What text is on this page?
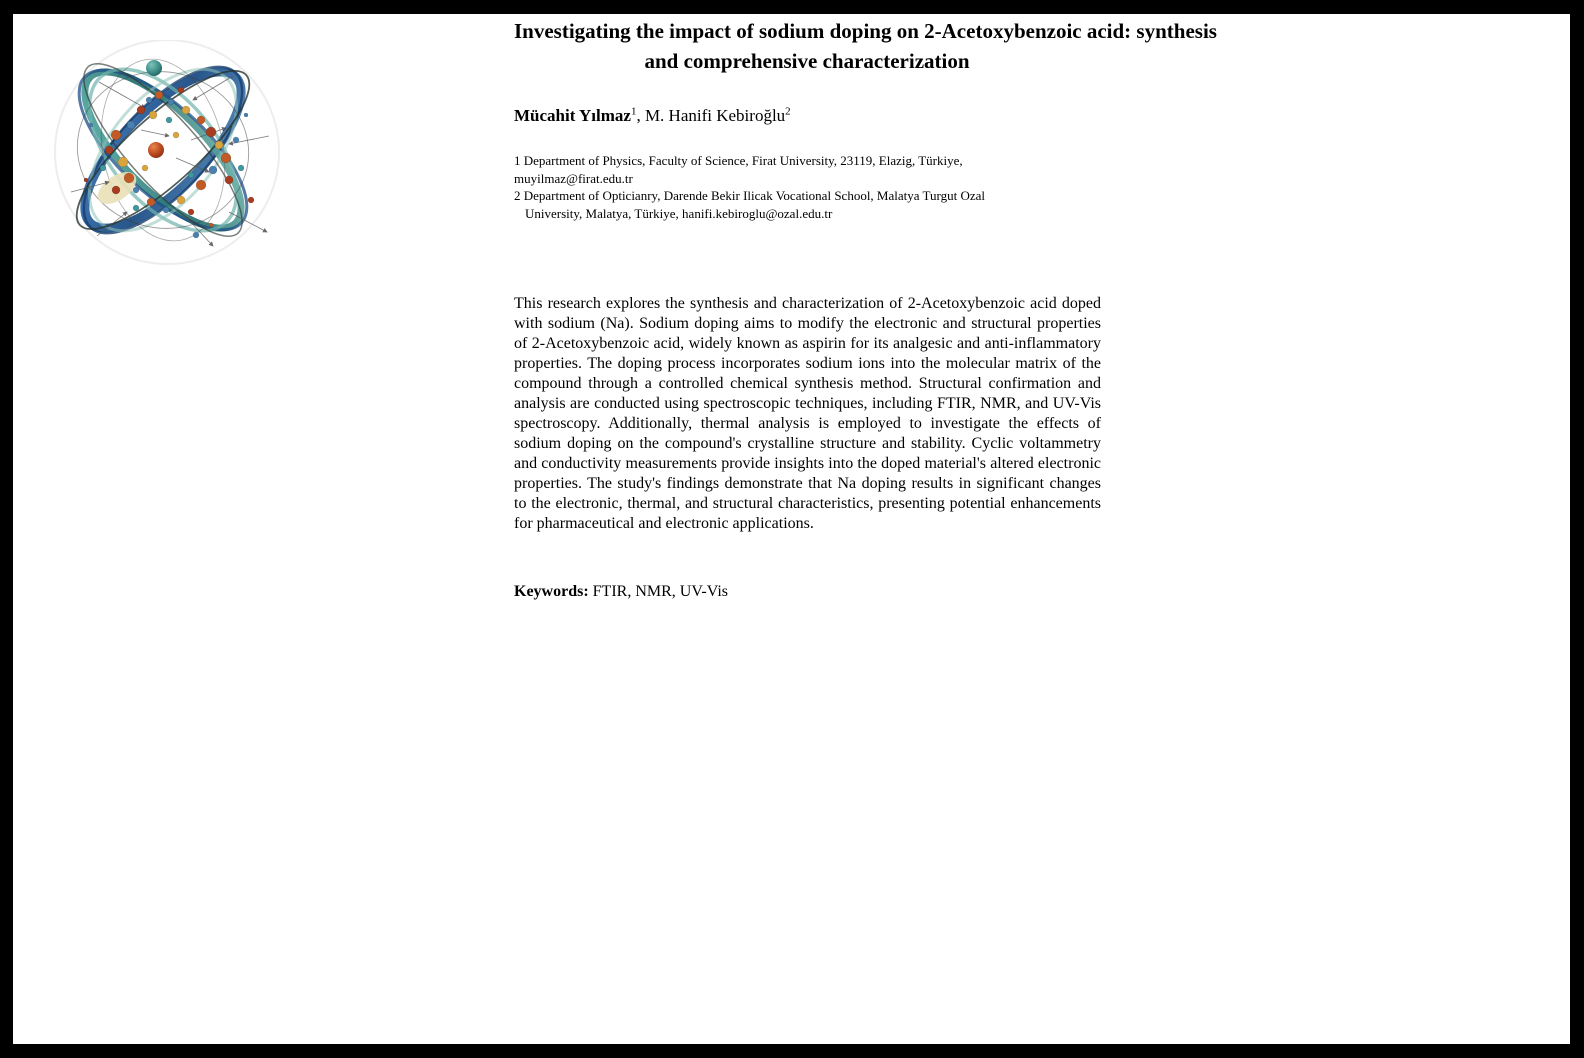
Investigating the impact of sodium doping on 2-Acetoxybenzoic acid: synthesis
and comprehensive characterization
Mücahit Yılmaz$^1$, M. Hanifi Kebiroğlu$^2$
1 Department of Physics, Faculty of Science, Firat University, 23119, Elazig, Türkiye,
muyilmaz@firat.edu.tr
2 Department of Opticianry, Darende Bekir Ilicak Vocational School, Malatya Turgut Ozal
University, Malatya, Türkiye, hanifi.kebiroglu@ozal.edu.tr

This research explores the synthesis and characterization of 2-Acetoxybenzoic acid doped with sodium (Na). Sodium doping aims to modify the electronic and structural properties of 2-Acetoxybenzoic acid, widely known as aspirin for its analgesic and anti-inflammatory properties. The doping process incorporates sodium ions into the molecular matrix of the compound through a controlled chemical synthesis method. Structural confirmation and analysis are conducted using spectroscopic techniques, including FTIR, NMR, and UV-Vis spectroscopy. Additionally, thermal analysis is employed to investigate the effects of sodium doping on the compound's crystalline structure and stability. Cyclic voltammetry and conductivity measurements provide insights into the doped material's altered electronic properties. The study's findings demonstrate that Na doping results in significant changes to the electronic, thermal, and structural characteristics, presenting potential enhancements for pharmaceutical and electronic applications.

Keywords: FTIR, NMR, UV-Vis
